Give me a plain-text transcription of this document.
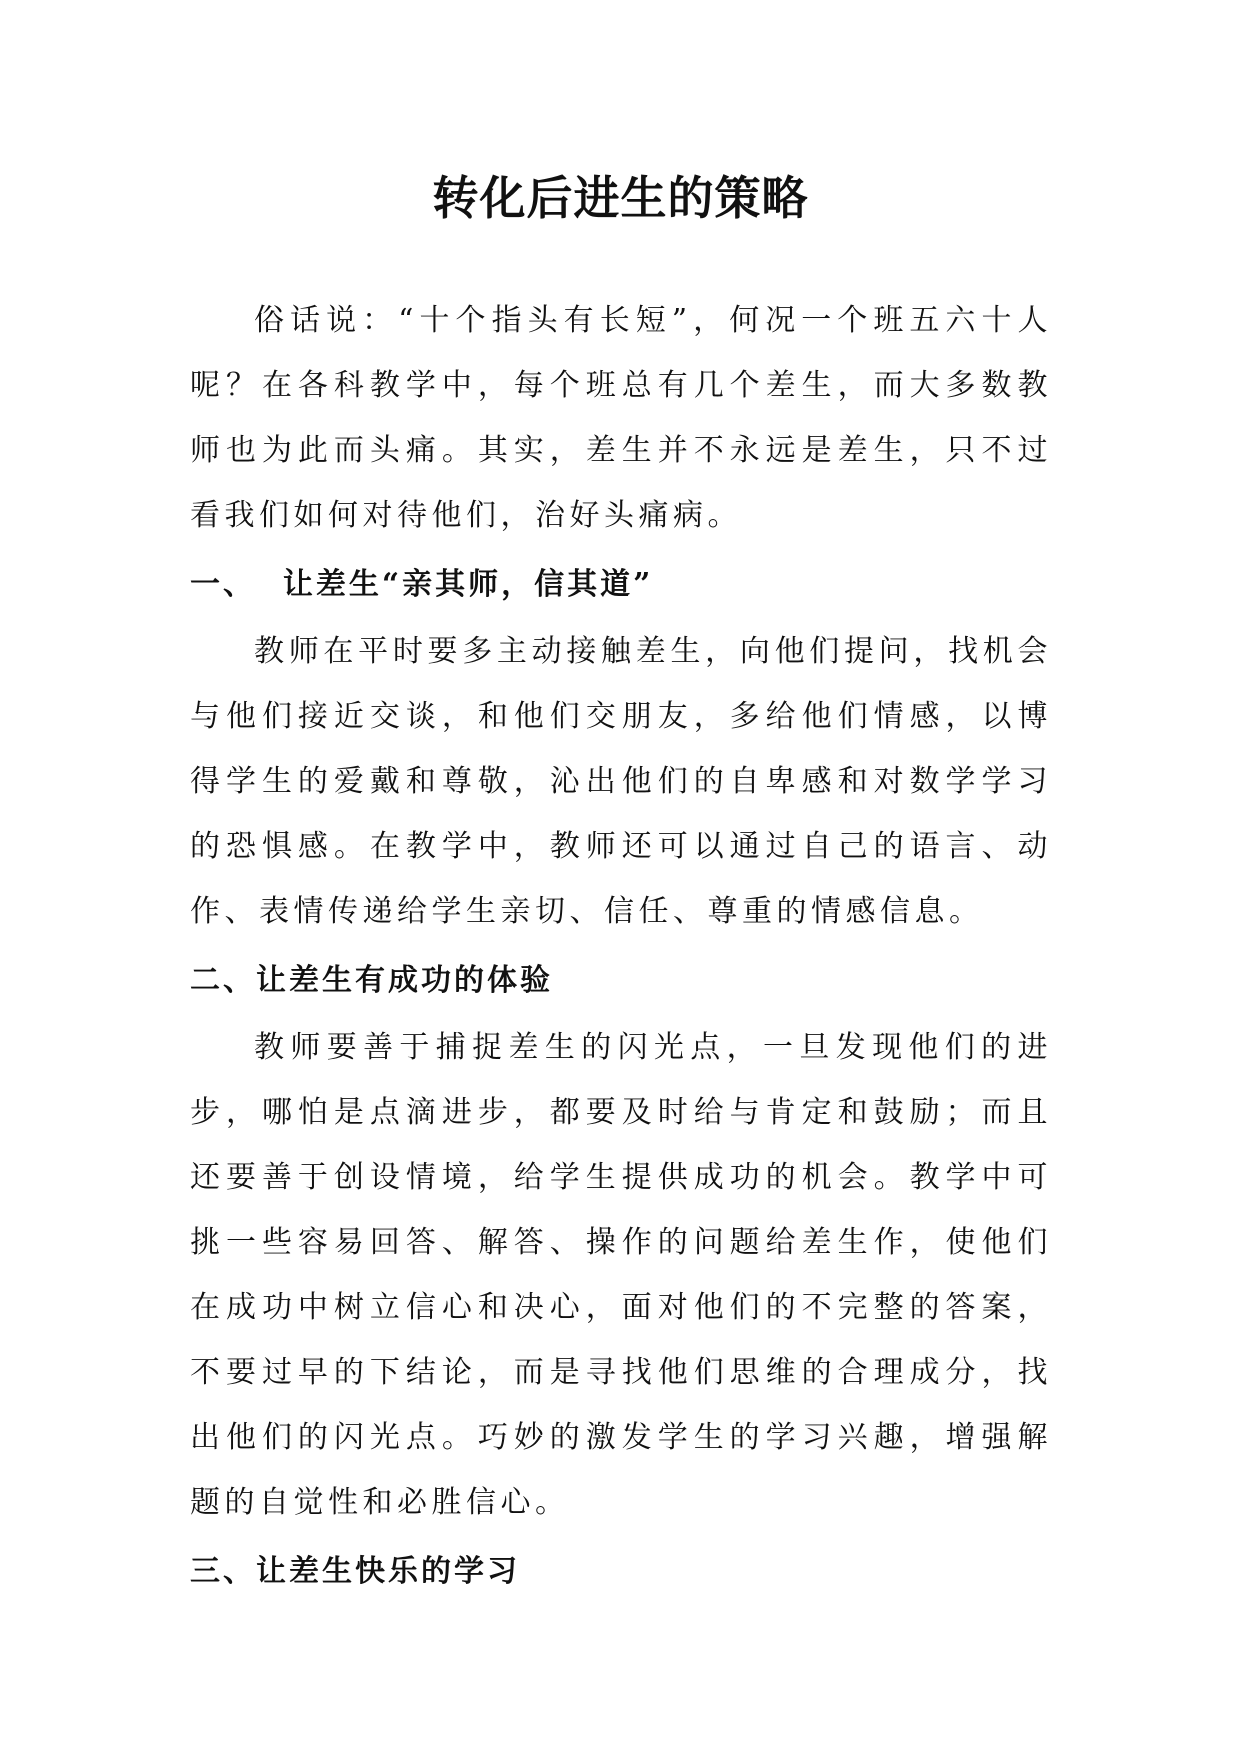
转化后进生的策略

俗话说：“十个指头有长短”，何况一个班五六十人呢？在各科教学中，每个班总有几个差生，而大多数教师也为此而头痛。其实，差生并不永远是差生，只不过看我们如何对待他们，治好头痛病。

一、  让差生“亲其师，信其道”

教师在平时要多主动接触差生，向他们提问，找机会与他们接近交谈，和他们交朋友，多给他们情感，以博得学生的爱戴和尊敬，沁出他们的自卑感和对数学学习的恐惧感。在教学中，教师还可以通过自己的语言、动作、表情传递给学生亲切、信任、尊重的情感信息。

二、让差生有成功的体验

教师要善于捕捉差生的闪光点，一旦发现他们的进步，哪怕是点滴进步，都要及时给与肯定和鼓励；而且还要善于创设情境，给学生提供成功的机会。教学中可挑一些容易回答、解答、操作的问题给差生作，使他们在成功中树立信心和决心，面对他们的不完整的答案，不要过早的下结论，而是寻找他们思维的合理成分，找出他们的闪光点。巧妙的激发学生的学习兴趣，增强解题的自觉性和必胜信心。

三、让差生快乐的学习
